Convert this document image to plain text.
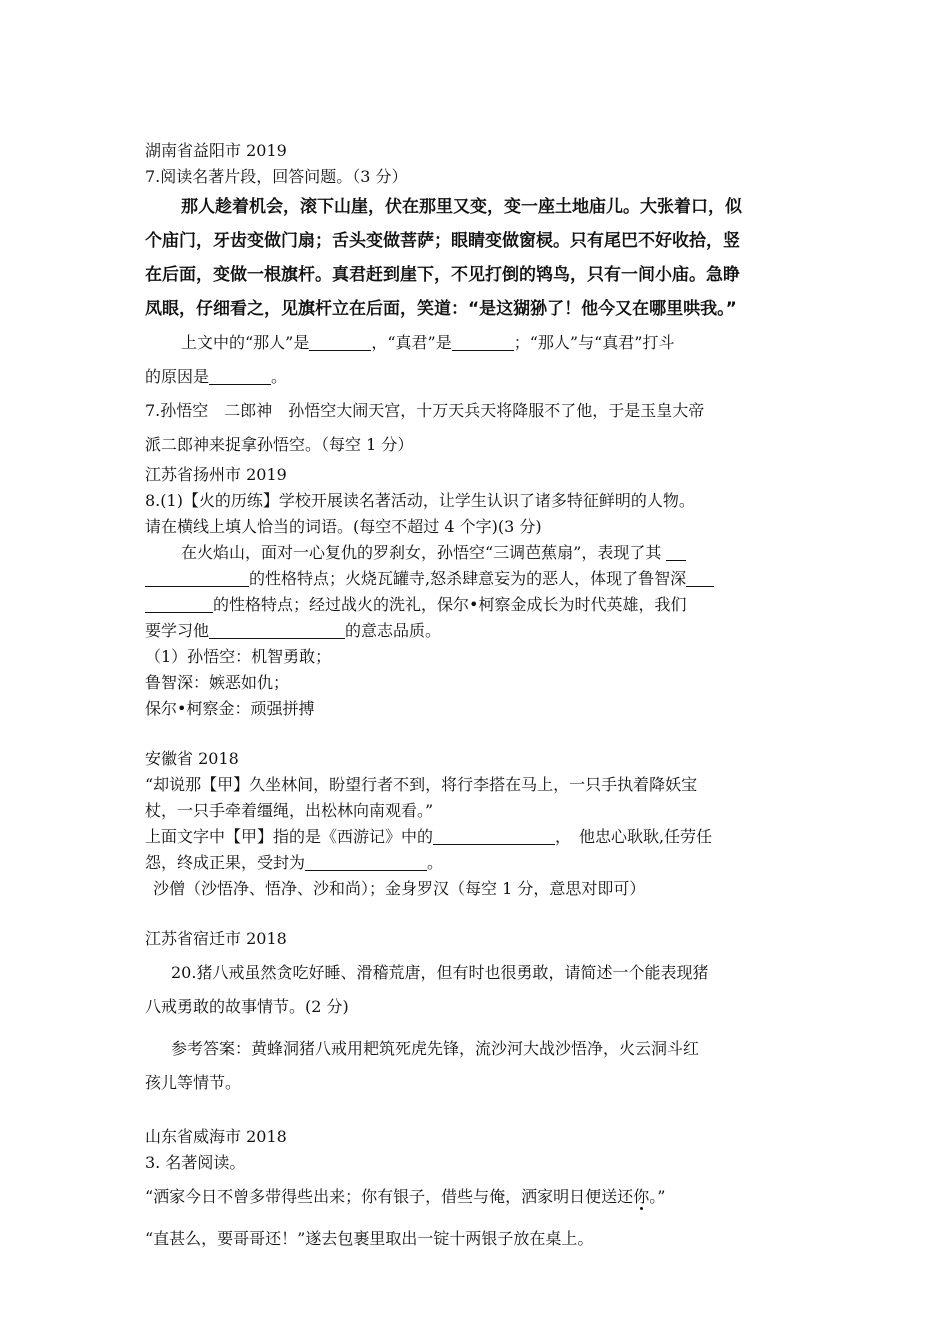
湖南省益阳市 2019
7.阅读名著片段，回答问题。（3 分）
那人趁着机会，滚下山崖，伏在那里又变，变一座土地庙儿。大张着口，似
个庙门，牙齿变做门扇；舌头变做菩萨；眼睛变做窗棂。只有尾巴不好收拾，竖
在后面，变做一根旗杆。真君赶到崖下，不见打倒的鸨鸟，只有一间小庙。急睁
凤眼，仔细看之，见旗杆立在后面，笑道：“是这猢狲了！他今又在哪里哄我。”
上文中的“那人”是	，“真君”是	；“那人”与“真君”打斗
的原因是	。
7.孙悟空　二郎神　孙悟空大闹天宫，十万天兵天将降服不了他，于是玉皇大帝
派二郎神来捉拿孙悟空。（每空 1 分）
江苏省扬州市 2019
8.(1)【火的历练】学校开展读名著活动，让学生认识了诸多特征鲜明的人物。
请在横线上填人恰当的词语。(每空不超过 4 个字)(3 分)
在火焰山，面对一心复仇的罗刹女，孙悟空“三调芭蕉扇”，表现了其
的性格特点；火烧瓦罐寺,怒杀肆意妄为的恶人，体现了鲁智深
的性格特点；经过战火的洗礼，保尔•柯察金成长为时代英雄，我们
要学习他	的意志品质。
（1）孙悟空：机智勇敢；
鲁智深：嫉恶如仇；
保尔•柯察金：顽强拼搏
安徽省 2018
“却说那【甲】久坐林间，盼望行者不到，将行李搭在马上，一只手执着降妖宝
杖，一只手牵着缰绳，出松林向南观看。”
上面文字中【甲】指的是《西游记》中的	，　他忠心耿耿,任劳任
怨，终成正果，受封为	。
沙僧（沙悟净、悟净、沙和尚）；金身罗汉（每空 1 分，意思对即可）
江苏省宿迁市 2018
20.猪八戒虽然贪吃好睡、滑稽荒唐，但有时也很勇敢，请简述一个能表现猪
八戒勇敢的故事情节。(2 分)
参考答案：黄蜂洞猪八戒用耙筑死虎先锋，流沙河大战沙悟净，火云洞斗红
孩儿等情节。
山东省威海市 2018
3. 名著阅读。
“洒家今日不曾多带得些出来；你有银子，借些与俺，洒家明日便送还你。”
“直甚么，要哥哥还！”遂去包裹里取出一锭十两银子放在桌上。
